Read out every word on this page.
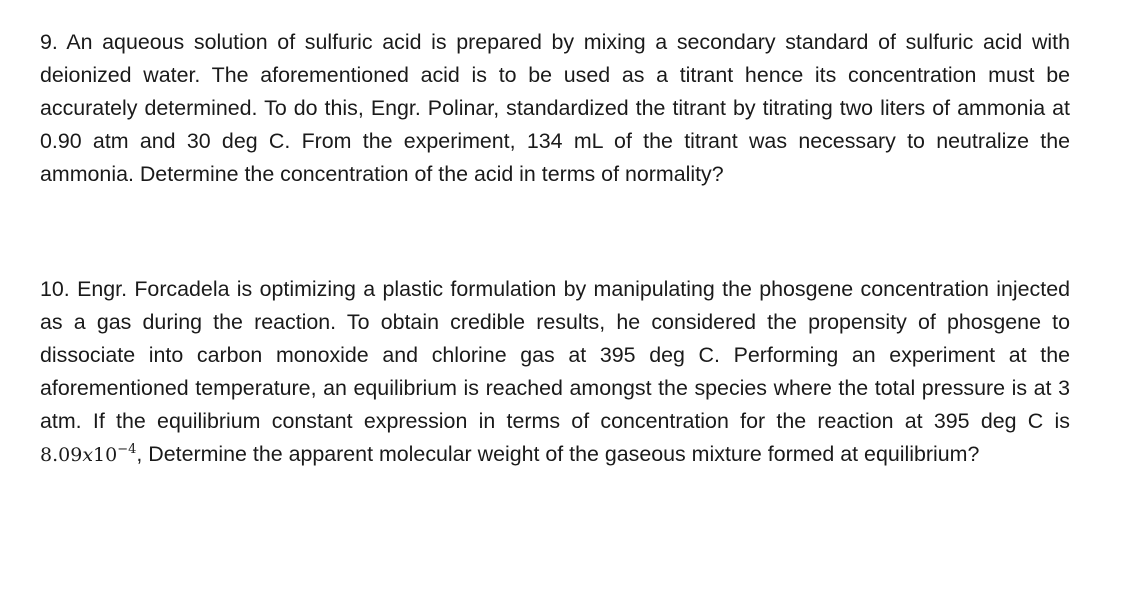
9. An aqueous solution of sulfuric acid is prepared by mixing a secondary standard of sulfuric acid with deionized water. The aforementioned acid is to be used as a titrant hence its concentration must be accurately determined. To do this, Engr. Polinar, standardized the titrant by titrating two liters of ammonia at 0.90 atm and 30 deg C. From the experiment, 134 mL of the titrant was necessary to neutralize the ammonia. Determine the concentration of the acid in terms of normality?

10. Engr. Forcadela is optimizing a plastic formulation by manipulating the phosgene concentration injected as a gas during the reaction. To obtain credible results, he considered the propensity of phosgene to dissociate into carbon monoxide and chlorine gas at 395 deg C. Performing an experiment at the aforementioned temperature, an equilibrium is reached amongst the species where the total pressure is at 3 atm. If the equilibrium constant expression in terms of concentration for the reaction at 395 deg C is $8.09x10^{-4}$, Determine the apparent molecular weight of the gaseous mixture formed at equilibrium?
